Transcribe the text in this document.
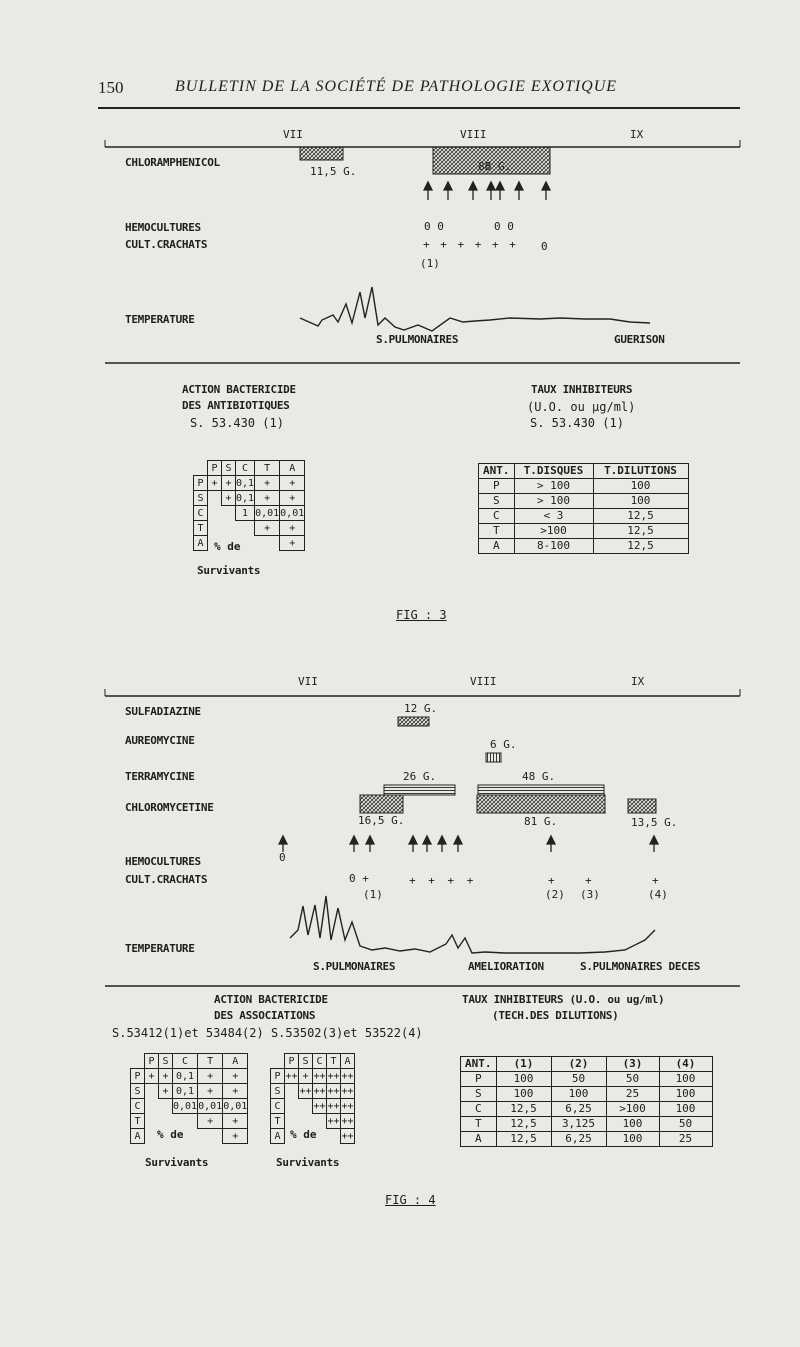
150	BULLETIN DE LA SOCIÉTÉ DE PATHOLOGIE EXOTIQUE
VII	VIII	IX
CHLORAMPHENICOL
11,5 G.	88 G.
HEMOCULTURES	0 0	0 0
CULT.CRACHATS	+ + + + + + 0
(1)
TEMPERATURE
S.PULMONAIRES	GUERISON
ACTION BACTERICIDE
DES ANTIBIOTIQUES
S. 53.430 (1)
TAUX INHIBITEURS
(U.O. ou µg/ml)
S. 53.430 (1)
	P	S	C	T	A
P	+	+	0,1	+	+
S		+	0,1	+	+
C			1	0,01	0,01
T				+	+
A					+
% de
Survivants
ANT.	T.DISQUES	T.DILUTIONS
P	> 100	100
S	> 100	100
C	< 3	12,5
T	>100	12,5
A	8-100	12,5
FIG : 3
VII	VIII	IX
SULFADIAZINE	12 G.
AUREOMYCINE	6 G.
TERRAMYCINE	26 G.	48 G.
CHLOROMYCETINE
16,5 G.	81 G.	13,5 G.
HEMOCULTURES	0
CULT.CRACHATS	0 +	+ + + +	+	+	+
(1)	(2) (3)	(4)
TEMPERATURE
S.PULMONAIRES	AMELIORATION	S.PULMONAIRES DECES
ACTION BACTERICIDE
DES ASSOCIATIONS
S.53412(1)et 53484(2) S.53502(3)et 53522(4)
TAUX INHIBITEURS (U.O. ou ug/ml)
(TECH.DES DILUTIONS)
	P	S	C	T	A
P	+	+	0,1	+	+
S		+	0,1	+	+
C			0,01	0,01	0,01
T				+	+
A					+
% de
Survivants
	P	S	C	T	A
P	++	+	++	++	++
S		++	++	++	++
C			++	++	++
T				++	++
A					++
% de
Survivants
ANT.	(1)	(2)	(3)	(4)
P	100	50	50	100
S	100	100	25	100
C	12,5	6,25	>100	100
T	12,5	3,125	100	50
A	12,5	6,25	100	25
FIG : 4
